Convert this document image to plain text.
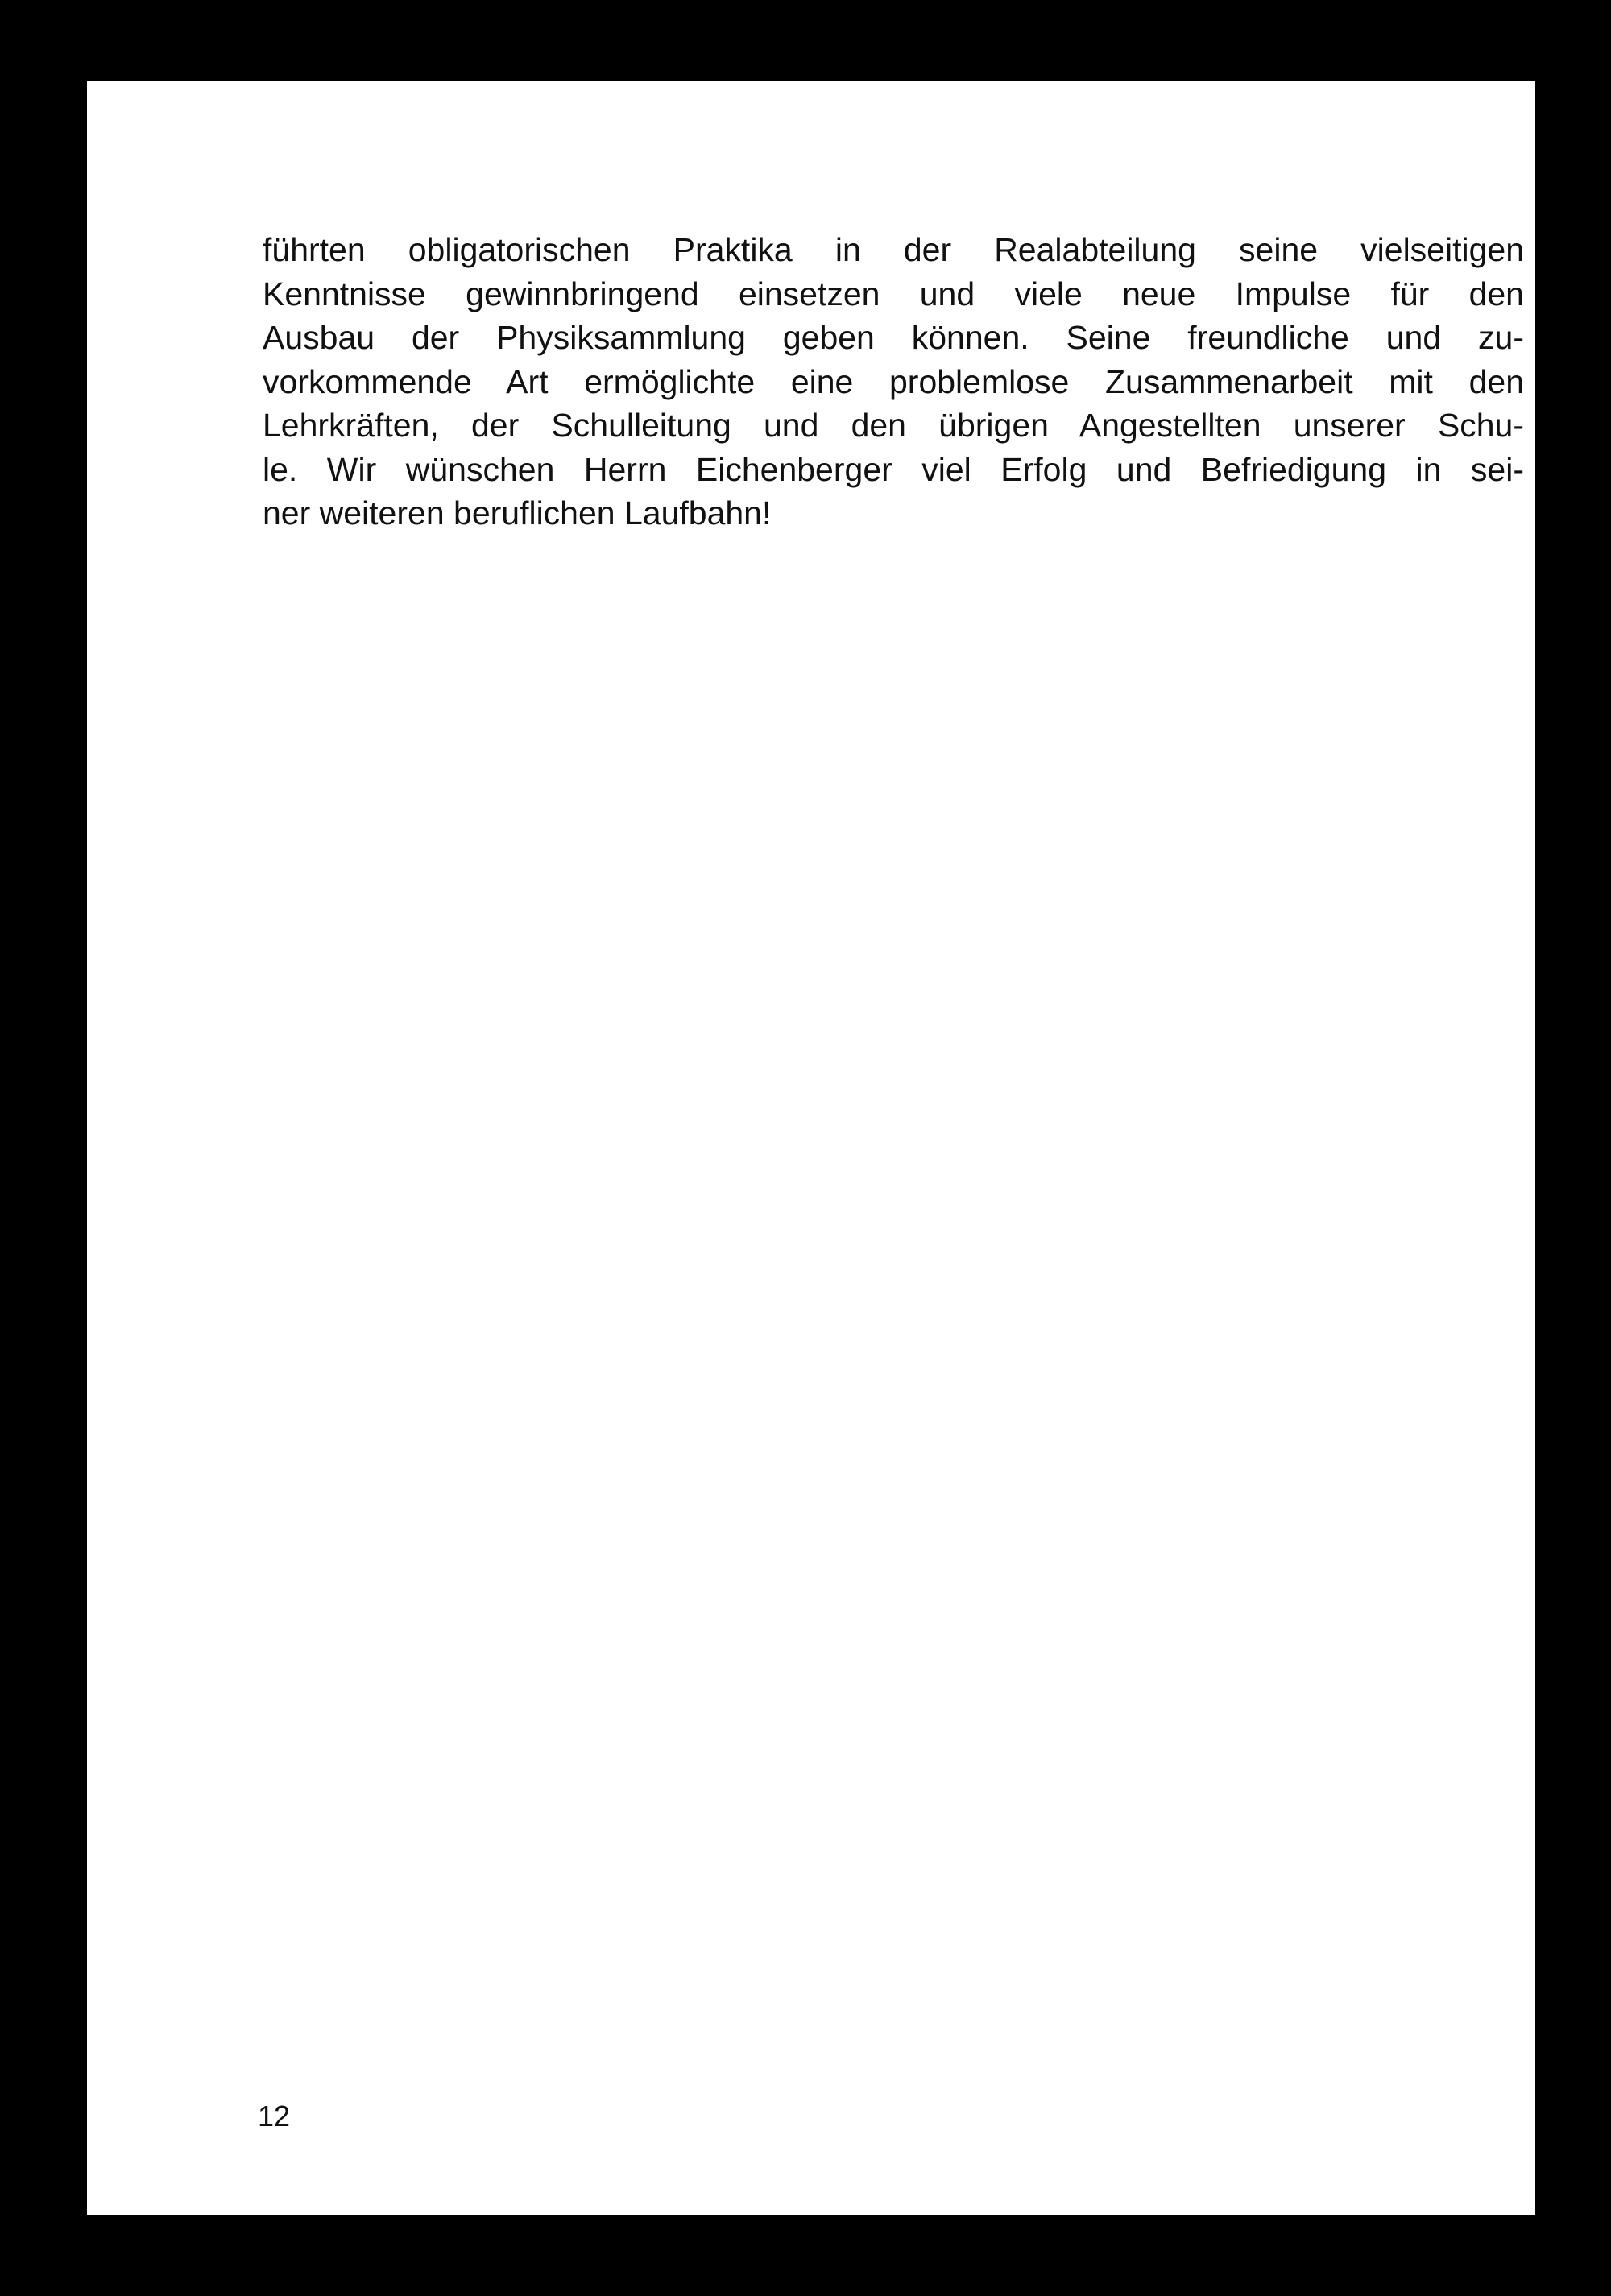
führten obligatorischen Praktika in der Realabteilung seine vielseitigen
Kenntnisse gewinnbringend einsetzen und viele neue Impulse für den
Ausbau der Physiksammlung geben können. Seine freundliche und zu-
vorkommende Art ermöglichte eine problemlose Zusammenarbeit mit den
Lehrkräften, der Schulleitung und den übrigen Angestellten unserer Schu-
le. Wir wünschen Herrn Eichenberger viel Erfolg und Befriedigung in sei-
ner weiteren beruflichen Laufbahn!

12
